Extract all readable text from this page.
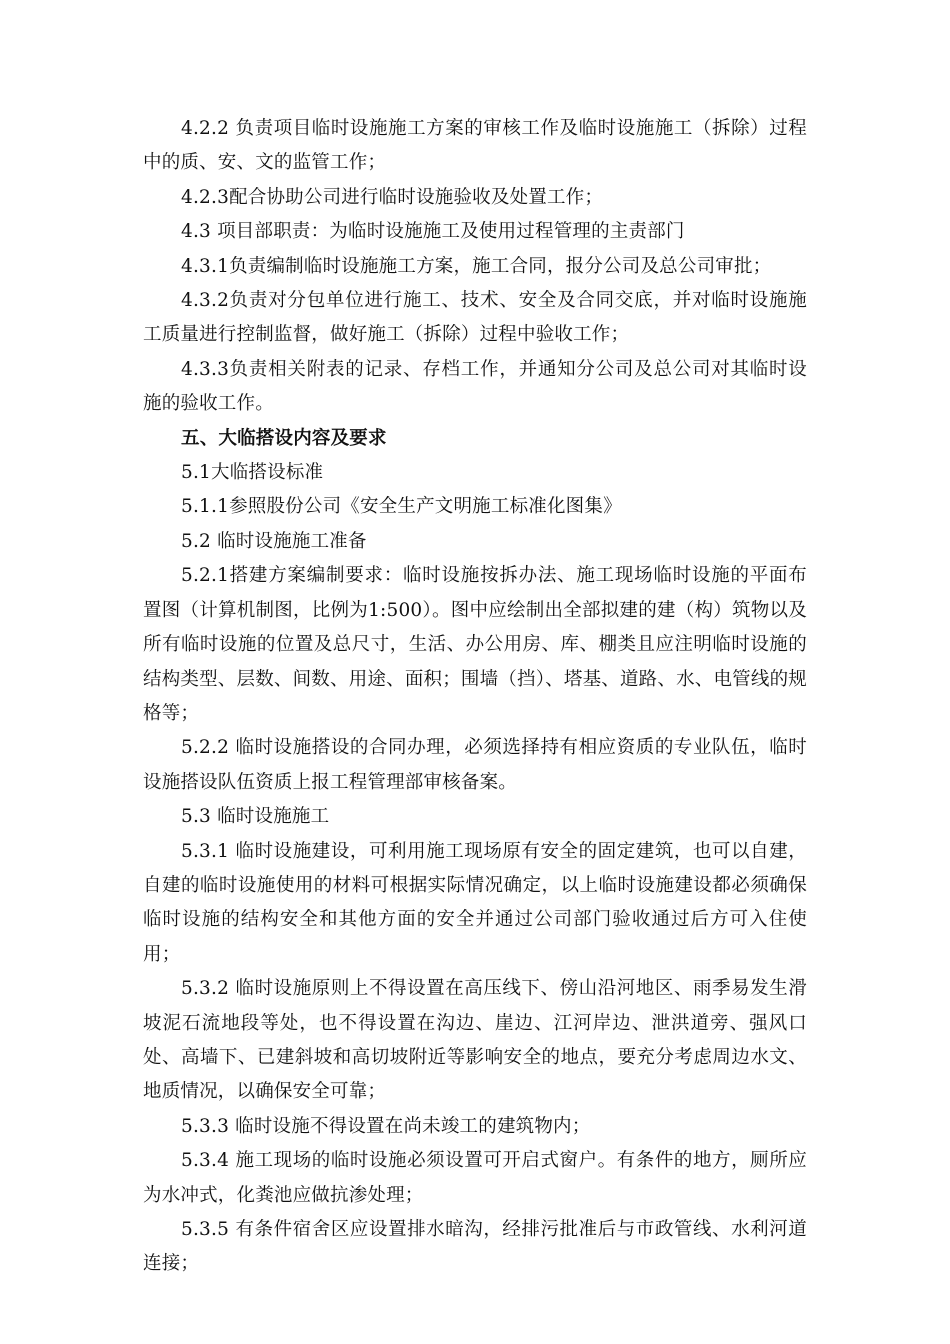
4.2.2 负责项目临时设施施工方案的审核工作及临时设施施工（拆除）过程中的质、安、文的监管工作；

4.2.3配合协助公司进行临时设施验收及处置工作；

4.3 项目部职责：为临时设施施工及使用过程管理的主责部门

4.3.1负责编制临时设施施工方案，施工合同，报分公司及总公司审批；

4.3.2负责对分包单位进行施工、技术、安全及合同交底，并对临时设施施工质量进行控制监督，做好施工（拆除）过程中验收工作；

4.3.3负责相关附表的记录、存档工作，并通知分公司及总公司对其临时设施的验收工作。

五、大临搭设内容及要求

5.1大临搭设标准

5.1.1参照股份公司《安全生产文明施工标准化图集》

5.2 临时设施施工准备

5.2.1搭建方案编制要求：临时设施按拆办法、施工现场临时设施的平面布置图（计算机制图，比例为1:500）。图中应绘制出全部拟建的建（构）筑物以及所有临时设施的位置及总尺寸，生活、办公用房、库、棚类且应注明临时设施的结构类型、层数、间数、用途、面积；围墙（挡）、塔基、道路、水、电管线的规格等；

5.2.2 临时设施搭设的合同办理，必须选择持有相应资质的专业队伍，临时设施搭设队伍资质上报工程管理部审核备案。

5.3 临时设施施工

5.3.1 临时设施建设，可利用施工现场原有安全的固定建筑，也可以自建，自建的临时设施使用的材料可根据实际情况确定，以上临时设施建设都必须确保临时设施的结构安全和其他方面的安全并通过公司部门验收通过后方可入住使用；

5.3.2 临时设施原则上不得设置在高压线下、傍山沿河地区、雨季易发生滑坡泥石流地段等处，也不得设置在沟边、崖边、江河岸边、泄洪道旁、强风口处、高墙下、已建斜坡和高切坡附近等影响安全的地点，要充分考虑周边水文、地质情况，以确保安全可靠；

5.3.3 临时设施不得设置在尚未竣工的建筑物内；

5.3.4 施工现场的临时设施必须设置可开启式窗户。有条件的地方，厕所应为水冲式，化粪池应做抗渗处理；

5.3.5 有条件宿舍区应设置排水暗沟，经排污批准后与市政管线、水利河道连接；
